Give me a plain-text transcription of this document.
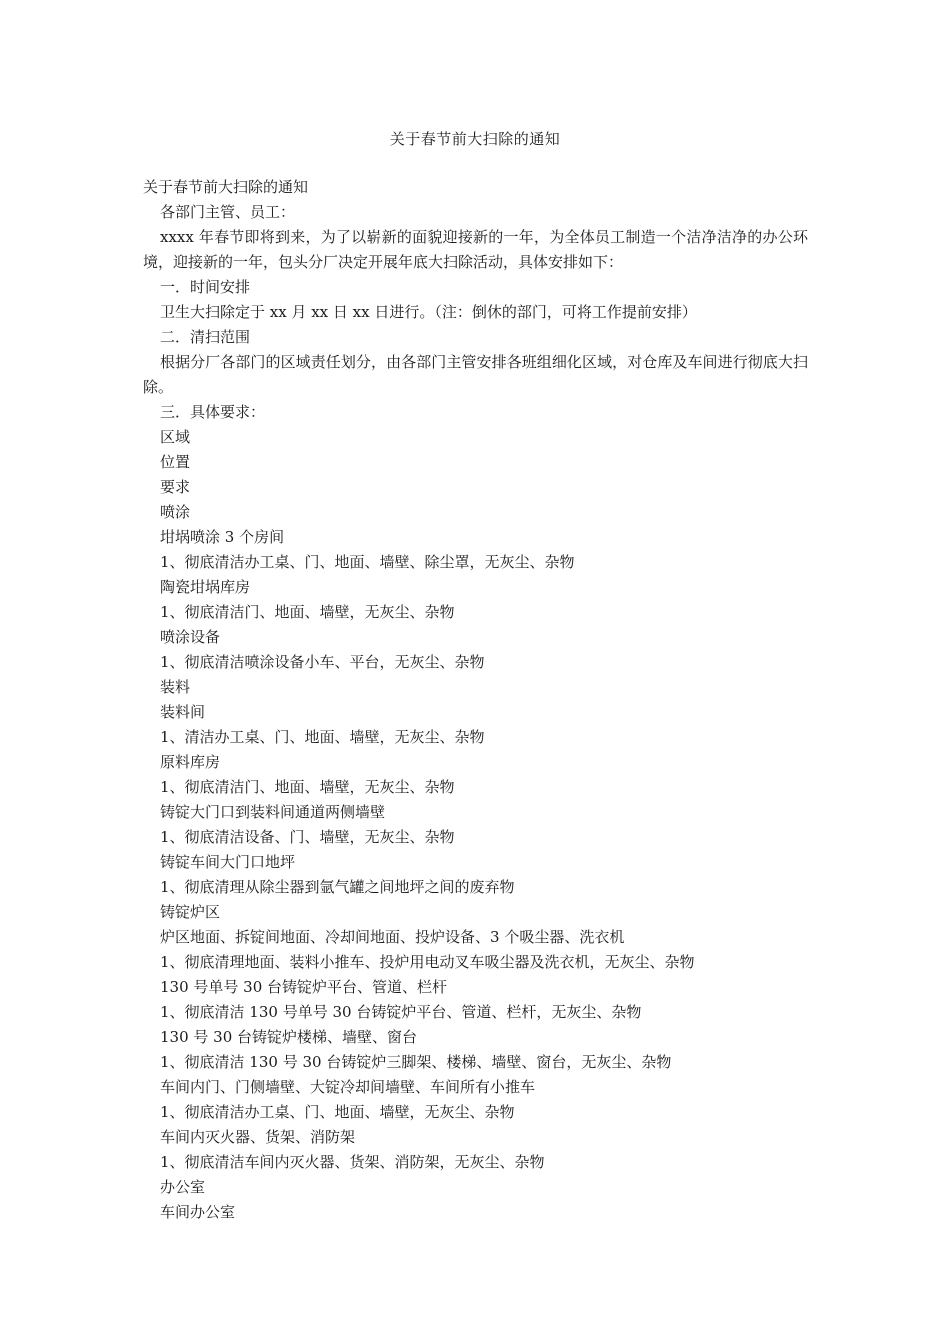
关于春节前大扫除的通知

关于春节前大扫除的通知

各部门主管、员工：

xxxx 年春节即将到来，为了以崭新的面貌迎接新的一年，为全体员工制造一个洁净洁净的办公环境，迎接新的一年，包头分厂决定开展年底大扫除活动，具体安排如下：

一．时间安排

卫生大扫除定于 xx 月 xx 日 xx 日进行。（注：倒休的部门，可将工作提前安排）

二．清扫范围

根据分厂各部门的区域责任划分，由各部门主管安排各班组细化区域，对仓库及车间进行彻底大扫除。

三．具体要求：

区域

位置

要求

喷涂

坩埚喷涂 3 个房间

1、彻底清洁办工桌、门、地面、墙壁、除尘罩，无灰尘、杂物

陶瓷坩埚库房

1、彻底清洁门、地面、墙壁，无灰尘、杂物

喷涂设备

1、彻底清洁喷涂设备小车、平台，无灰尘、杂物

装料

装料间

1、清洁办工桌、门、地面、墙壁，无灰尘、杂物

原料库房

1、彻底清洁门、地面、墙壁，无灰尘、杂物

铸锭大门口到装料间通道两侧墙壁

1、彻底清洁设备、门、墙壁，无灰尘、杂物

铸锭车间大门口地坪

1、彻底清理从除尘器到氩气罐之间地坪之间的废弃物

铸锭炉区

炉区地面、拆锭间地面、冷却间地面、投炉设备、3 个吸尘器、洗衣机

1、彻底清理地面、装料小推车、投炉用电动叉车吸尘器及洗衣机，无灰尘、杂物

130 号单号 30 台铸锭炉平台、管道、栏杆

1、彻底清洁 130 号单号 30 台铸锭炉平台、管道、栏杆，无灰尘、杂物

130 号 30 台铸锭炉楼梯、墙壁、窗台

1、彻底清洁 130 号 30 台铸锭炉三脚架、楼梯、墙壁、窗台，无灰尘、杂物

车间内门、门侧墙壁、大锭冷却间墙壁、车间所有小推车

1、彻底清洁办工桌、门、地面、墙壁，无灰尘、杂物

车间内灭火器、货架、消防架

1、彻底清洁车间内灭火器、货架、消防架，无灰尘、杂物

办公室

车间办公室
